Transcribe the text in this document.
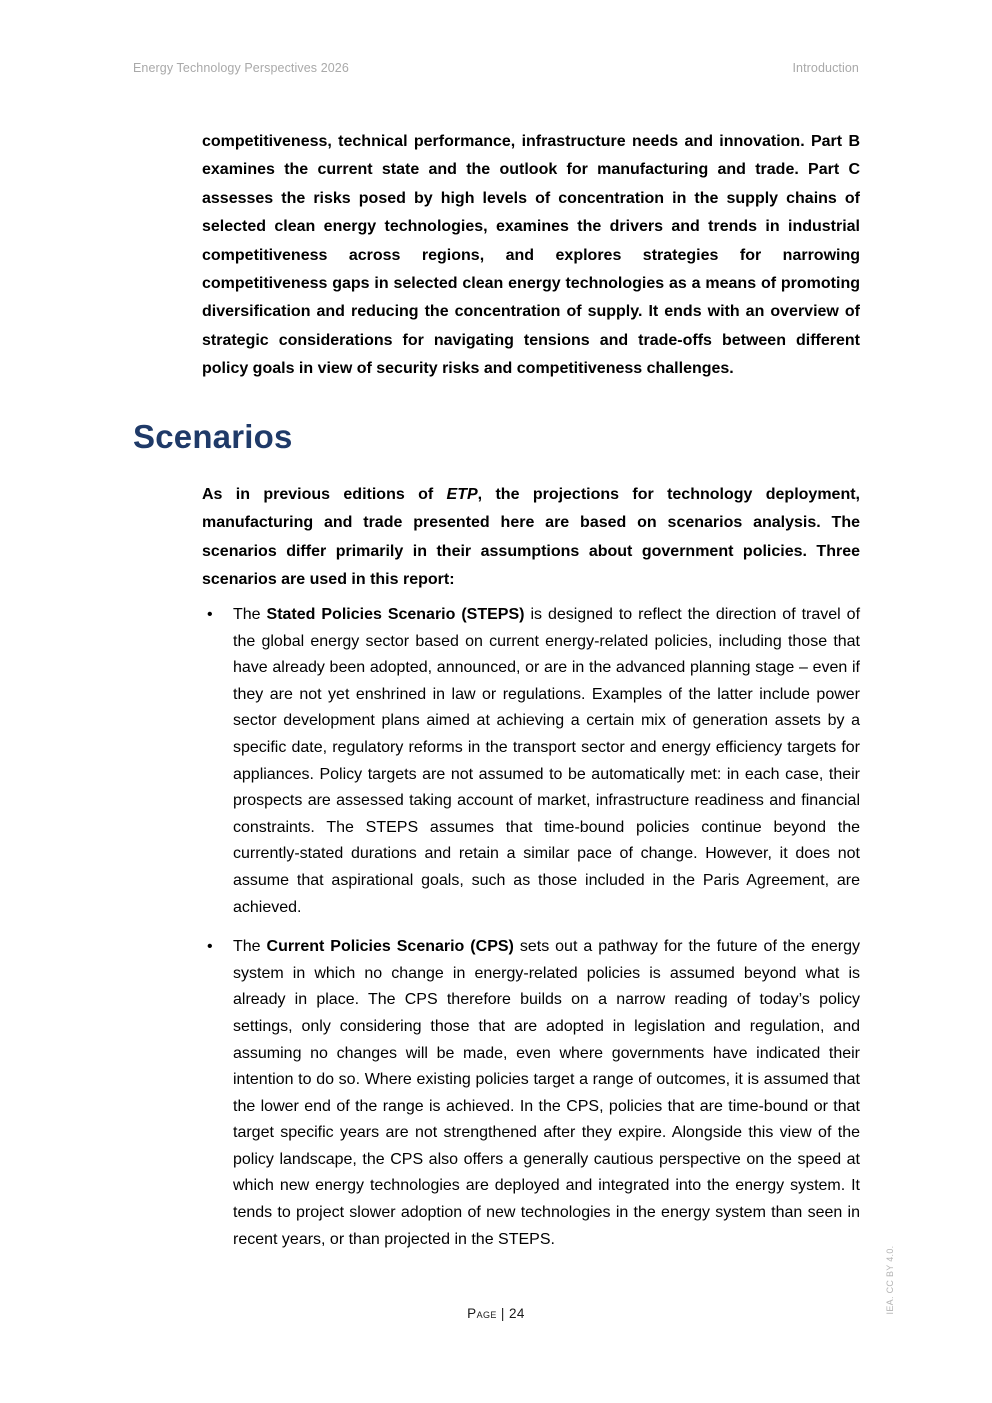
Energy Technology Perspectives 2026	Introduction

competitiveness, technical performance, infrastructure needs and innovation. Part B examines the current state and the outlook for manufacturing and trade. Part C assesses the risks posed by high levels of concentration in the supply chains of selected clean energy technologies, examines the drivers and trends in industrial competitiveness across regions, and explores strategies for narrowing competitiveness gaps in selected clean energy technologies as a means of promoting diversification and reducing the concentration of supply. It ends with an overview of strategic considerations for navigating tensions and trade-offs between different policy goals in view of security risks and competitiveness challenges.

Scenarios

As in previous editions of ETP, the projections for technology deployment, manufacturing and trade presented here are based on scenarios analysis. The scenarios differ primarily in their assumptions about government policies. Three scenarios are used in this report:

•	The Stated Policies Scenario (STEPS) is designed to reflect the direction of travel of the global energy sector based on current energy-related policies, including those that have already been adopted, announced, or are in the advanced planning stage – even if they are not yet enshrined in law or regulations. Examples of the latter include power sector development plans aimed at achieving a certain mix of generation assets by a specific date, regulatory reforms in the transport sector and energy efficiency targets for appliances. Policy targets are not assumed to be automatically met: in each case, their prospects are assessed taking account of market, infrastructure readiness and financial constraints. The STEPS assumes that time-bound policies continue beyond the currently-stated durations and retain a similar pace of change. However, it does not assume that aspirational goals, such as those included in the Paris Agreement, are achieved.
•	The Current Policies Scenario (CPS) sets out a pathway for the future of the energy system in which no change in energy-related policies is assumed beyond what is already in place. The CPS therefore builds on a narrow reading of today’s policy settings, only considering those that are adopted in legislation and regulation, and assuming no changes will be made, even where governments have indicated their intention to do so. Where existing policies target a range of outcomes, it is assumed that the lower end of the range is achieved. In the CPS, policies that are time-bound or that target specific years are not strengthened after they expire. Alongside this view of the policy landscape, the CPS also offers a generally cautious perspective on the speed at which new energy technologies are deployed and integrated into the energy system. It tends to project slower adoption of new technologies in the energy system than seen in recent years, or than projected in the STEPS.
Page | 24	IEA. CC BY 4.0.
